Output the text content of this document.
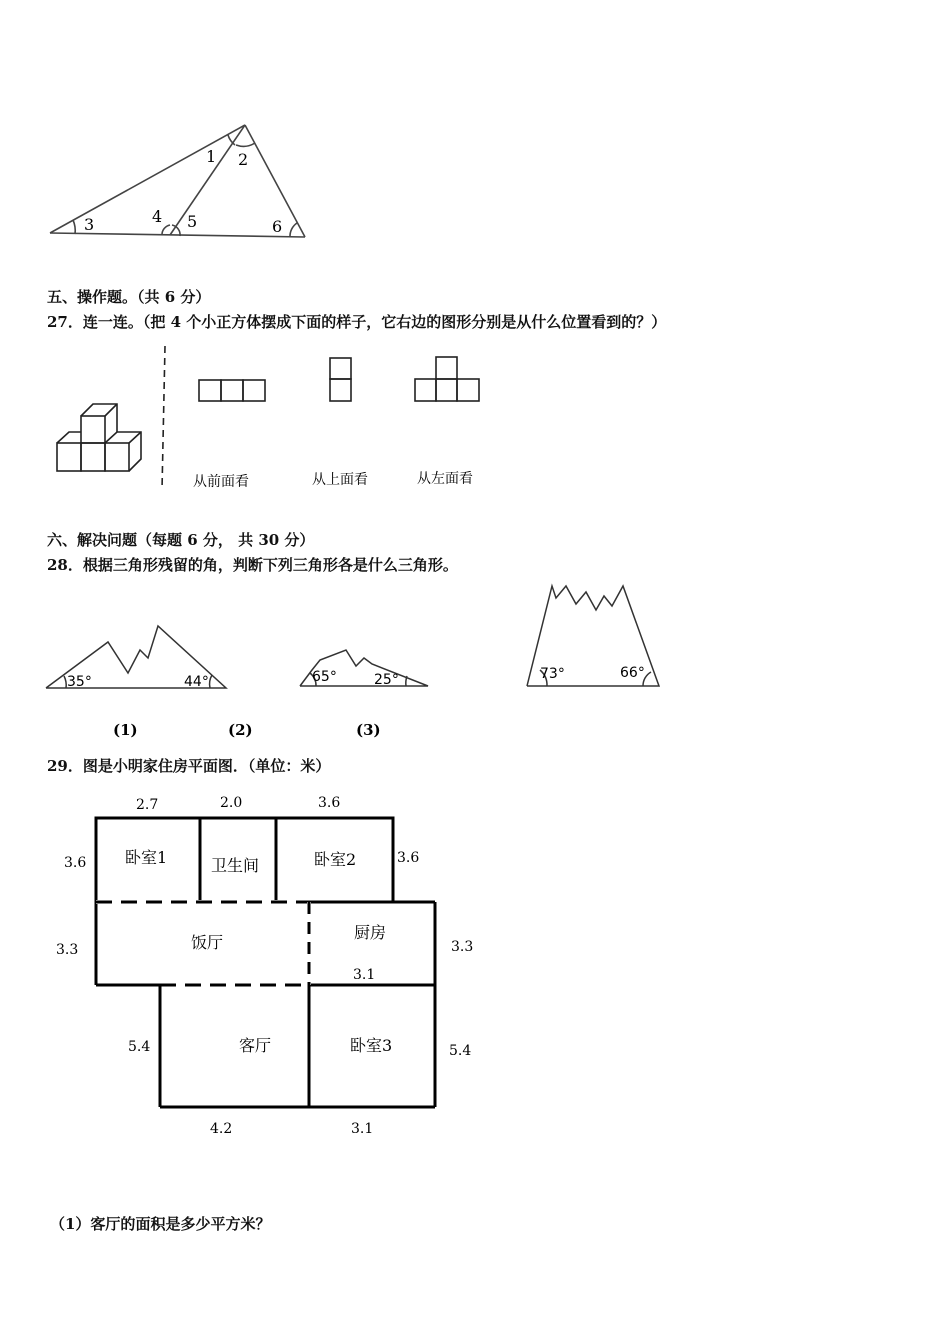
1 2
3	4 5	6
五、操作题。（共 6 分）
27．连一连。（把 4 个小正方体摆成下面的样子，它右边的图形分别是从什么位置看到的？）
从前面看	从上面看	从左面看
六、解决问题（每题 6 分， 共 30 分）
28．根据三角形残留的角，判断下列三角形各是什么三角形。
35°	44°	65°	25°	73°	66°
(1)	(2)	(3)
29．图是小明家住房平面图．（单位：米）
卧室1	卫生间	卧室2
饭厅
厨房
客厅	卧室3
2.7	2.0	3.6
3.6	3.6
3.3	3.3
3.1
5.4	5.4
4.2	3.1
（1）客厅的面积是多少平方米？
